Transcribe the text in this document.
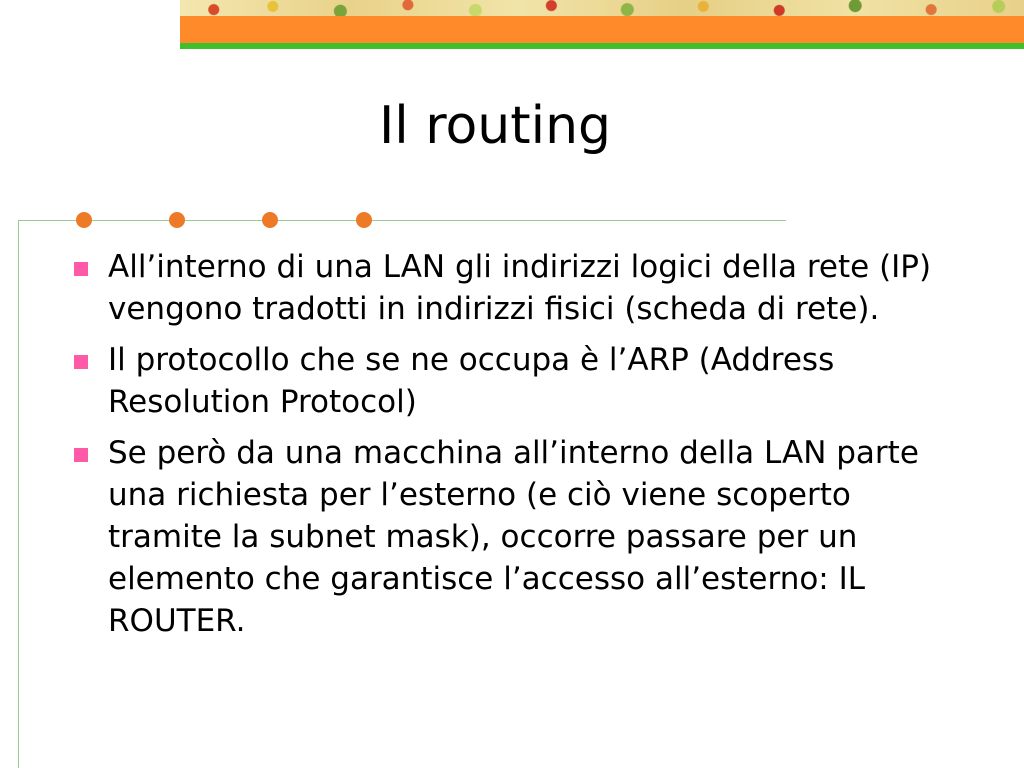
Il routing
All’interno di una LAN gli indirizzi logici della rete (IP) vengono tradotti in indirizzi fisici (scheda di rete).
Il protocollo che se ne occupa è l’ARP (Address Resolution Protocol)
Se però da una macchina all’interno della LAN parte una richiesta per l’esterno (e ciò viene scoperto tramite la subnet mask), occorre passare per un elemento che garantisce l’accesso all’esterno: IL ROUTER.
